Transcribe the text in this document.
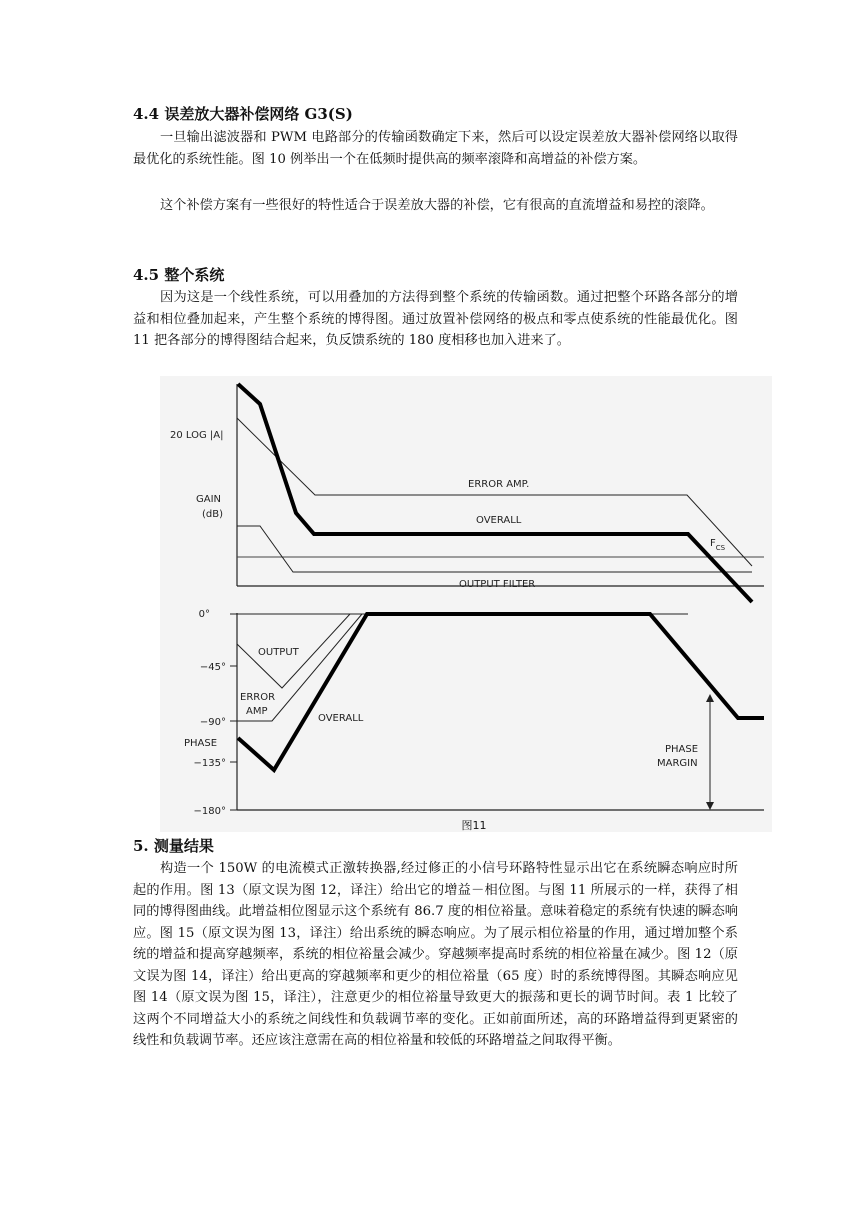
4.4 误差放大器补偿网络 G3(S)
一旦输出滤波器和 PWM 电路部分的传输函数确定下来，然后可以设定误差放大器补偿网络以取得最优化的系统性能。图 10 例举出一个在低频时提供高的频率滚降和高增益的补偿方案。
这个补偿方案有一些很好的特性适合于误差放大器的补偿，它有很高的直流增益和易控的滚降。
4.5 整个系统
因为这是一个线性系统，可以用叠加的方法得到整个系统的传输函数。通过把整个环路各部分的增益和相位叠加起来，产生整个系统的博得图。通过放置补偿网络的极点和零点使系统的性能最优化。图 11 把各部分的博得图结合起来，负反馈系统的 180 度相移也加入进来了。
20 LOG |A|
GAIN
(dB)
ERROR AMP.
OVERALL
$F_{CS}$
OUTPUT FILTER
0°
−45°
−90°
−135°
−180°
PHASE
OUTPUT
ERROR
AMP
OVERALL
PHASE
MARGIN
图11
5. 测量结果
构造一个 150W 的电流模式正激转换器,经过修正的小信号环路特性显示出它在系统瞬态响应时所起的作用。图 13（原文误为图 12，译注）给出它的增益－相位图。与图 11 所展示的一样，获得了相同的博得图曲线。此增益相位图显示这个系统有 86.7 度的相位裕量。意味着稳定的系统有快速的瞬态响应。图 15（原文误为图 13，译注）给出系统的瞬态响应。为了展示相位裕量的作用，通过增加整个系统的增益和提高穿越频率，系统的相位裕量会减少。穿越频率提高时系统的相位裕量在减少。图 12（原文误为图 14，译注）给出更高的穿越频率和更少的相位裕量（65 度）时的系统博得图。其瞬态响应见图 14（原文误为图 15，译注），注意更少的相位裕量导致更大的振荡和更长的调节时间。表 1 比较了这两个不同增益大小的系统之间线性和负载调节率的变化。正如前面所述，高的环路增益得到更紧密的线性和负载调节率。还应该注意需在高的相位裕量和较低的环路增益之间取得平衡。
